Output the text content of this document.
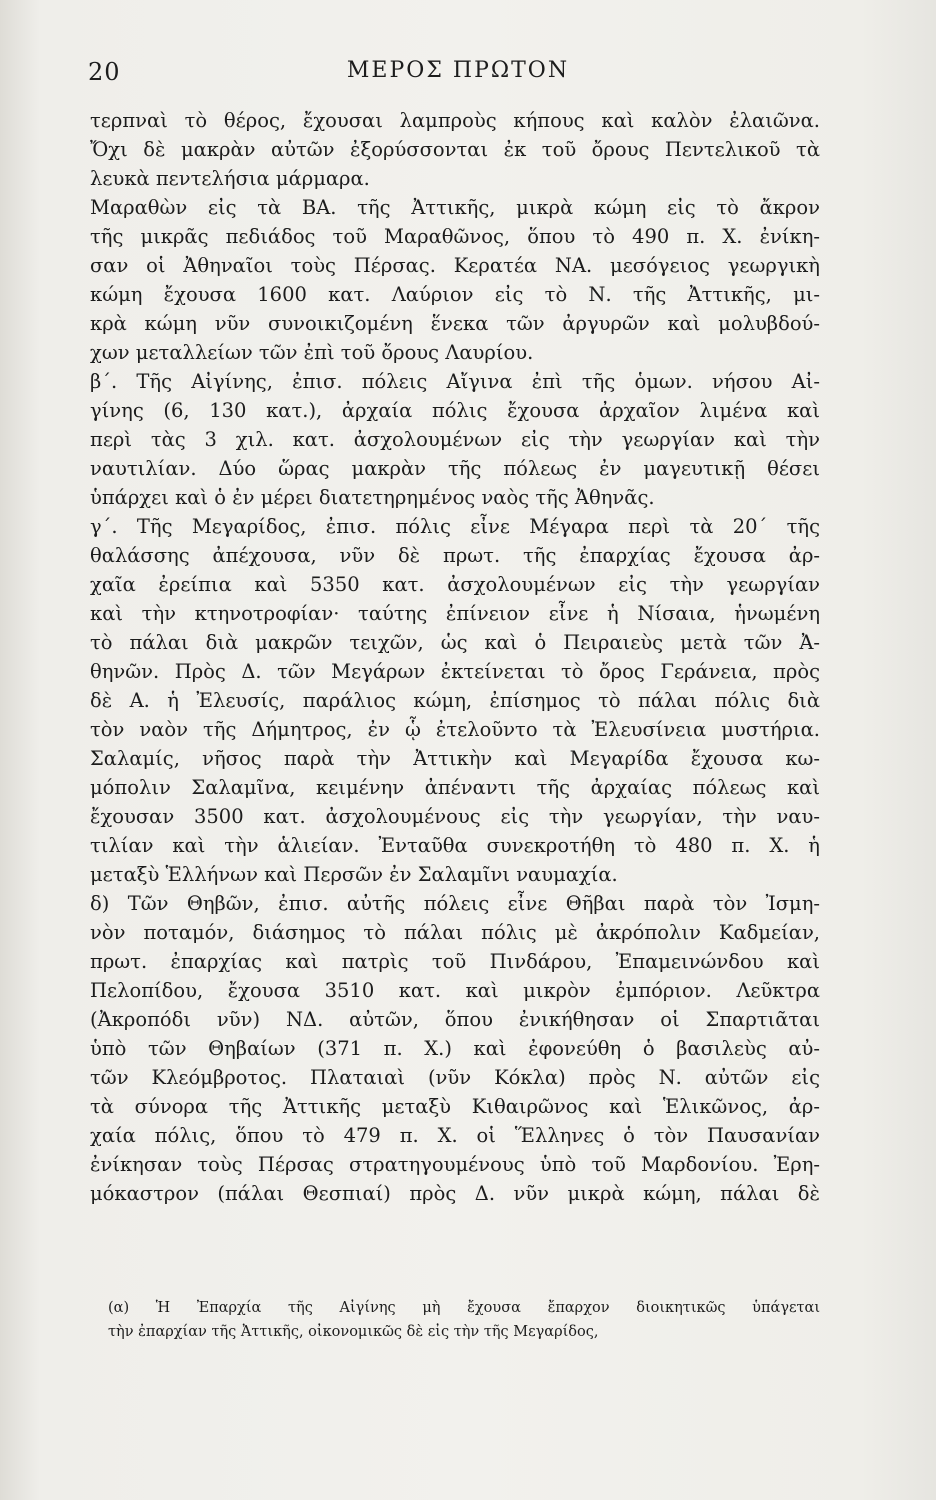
20	ΜΕΡΟΣ ΠΡΩΤΟΝ
τερπναὶ τὸ θέρος, ἔχουσαι λαμπροὺς κήπους καὶ καλὸν ἐλαιῶνα.
Ὄχι δὲ μακρὰν αὐτῶν ἐξορύσσονται ἐκ τοῦ ὄρους Πεντελικοῦ τὰ
λευκὰ πεντελήσια μάρμαρα.
Μαραθὼν εἰς τὰ ΒΑ. τῆς Ἀττικῆς, μικρὰ κώμη εἰς τὸ ἄκρον
τῆς μικρᾶς πεδιάδος τοῦ Μαραθῶνος, ὅπου τὸ 490 π. Χ. ἐνίκη-
σαν οἱ Ἀθηναῖοι τοὺς Πέρσας. Κερατέα ΝΑ. μεσόγειος γεωργικὴ
κώμη ἔχουσα 1600 κατ. Λαύριον εἰς τὸ Ν. τῆς Ἀττικῆς, μι-
κρὰ κώμη νῦν συνοικιζομένη ἕνεκα τῶν ἀργυρῶν καὶ μολυβδού-
χων μεταλλείων τῶν ἐπὶ τοῦ ὄρους Λαυρίου.
β΄. Τῆς Αἰγίνης, ἐπισ. πόλεις Αἴγινα ἐπὶ τῆς ὁμων. νήσου Αἰ-
γίνης (6, 130 κατ.), ἀρχαία πόλις ἔχουσα ἀρχαῖον λιμένα καὶ
περὶ τὰς 3 χιλ. κατ. ἀσχολουμένων εἰς τὴν γεωργίαν καὶ τὴν
ναυτιλίαν. Δύο ὥρας μακρὰν τῆς πόλεως ἐν μαγευτικῇ θέσει
ὑπάρχει καὶ ὁ ἐν μέρει διατετηρημένος ναὸς τῆς Ἀθηνᾶς.
γ΄. Τῆς Μεγαρίδος, ἐπισ. πόλις εἶνε Μέγαρα περὶ τὰ 20΄ τῆς
θαλάσσης ἀπέχουσα, νῦν δὲ πρωτ. τῆς ἐπαρχίας ἔχουσα ἀρ-
χαῖα ἐρείπια καὶ 5350 κατ. ἀσχολουμένων εἰς τὴν γεωργίαν
καὶ τὴν κτηνοτροφίαν· ταύτης ἐπίνειον εἶνε ἡ Νίσαια, ἡνωμένη
τὸ πάλαι διὰ μακρῶν τειχῶν, ὡς καὶ ὁ Πειραιεὺς μετὰ τῶν Ἀ-
θηνῶν. Πρὸς Δ. τῶν Μεγάρων ἐκτείνεται τὸ ὄρος Γεράνεια, πρὸς
δὲ Α. ἡ Ἐλευσίς, παράλιος κώμη, ἐπίσημος τὸ πάλαι πόλις διὰ
τὸν ναὸν τῆς Δήμητρος, ἐν ᾧ ἐτελοῦντο τὰ Ἐλευσίνεια μυστήρια.
Σαλαμίς, νῆσος παρὰ τὴν Ἀττικὴν καὶ Μεγαρίδα ἔχουσα κω-
μόπολιν Σαλαμῖνα, κειμένην ἀπέναντι τῆς ἀρχαίας πόλεως καὶ
ἔχουσαν 3500 κατ. ἀσχολουμένους εἰς τὴν γεωργίαν, τὴν ναυ-
τιλίαν καὶ τὴν ἁλιείαν. Ἐνταῦθα συνεκροτήθη τὸ 480 π. Χ. ἡ
μεταξὺ Ἑλλήνων καὶ Περσῶν ἐν Σαλαμῖνι ναυμαχία.
δ) Τῶν Θηβῶν, ἐπισ. αὐτῆς πόλεις εἶνε Θῆβαι παρὰ τὸν Ἰσμη-
νὸν ποταμόν, διάσημος τὸ πάλαι πόλις μὲ ἀκρόπολιν Καδμείαν,
πρωτ. ἐπαρχίας καὶ πατρὶς τοῦ Πινδάρου, Ἐπαμεινώνδου καὶ
Πελοπίδου, ἔχουσα 3510 κατ. καὶ μικρὸν ἐμπόριον. Λεῦκτρα
(Ἀκροπόδι νῦν) ΝΔ. αὐτῶν, ὅπου ἐνικήθησαν οἱ Σπαρτιᾶται
ὑπὸ τῶν Θηβαίων (371 π. Χ.) καὶ ἐφονεύθη ὁ βασιλεὺς αὐ-
τῶν Κλεόμβροτος. Πλαταιαὶ (νῦν Κόκλα) πρὸς Ν. αὐτῶν εἰς
τὰ σύνορα τῆς Ἀττικῆς μεταξὺ Κιθαιρῶνος καὶ Ἑλικῶνος, ἀρ-
χαία πόλις, ὅπου τὸ 479 π. Χ. οἱ Ἕλληνες ὁ τὸν Παυσανίαν
ἐνίκησαν τοὺς Πέρσας στρατηγουμένους ὑπὸ τοῦ Μαρδονίου. Ἐρη-
μόκαστρον (πάλαι Θεσπιαί) πρὸς Δ. νῦν μικρὰ κώμη, πάλαι δὲ
(α) Ἡ Ἐπαρχία τῆς Αἰγίνης μὴ ἔχουσα ἔπαρχον διοικητικῶς ὑπάγεται
τὴν ἐπαρχίαν τῆς Ἀττικῆς, οἰκονομικῶς δὲ εἰς τὴν τῆς Μεγαρίδος,
